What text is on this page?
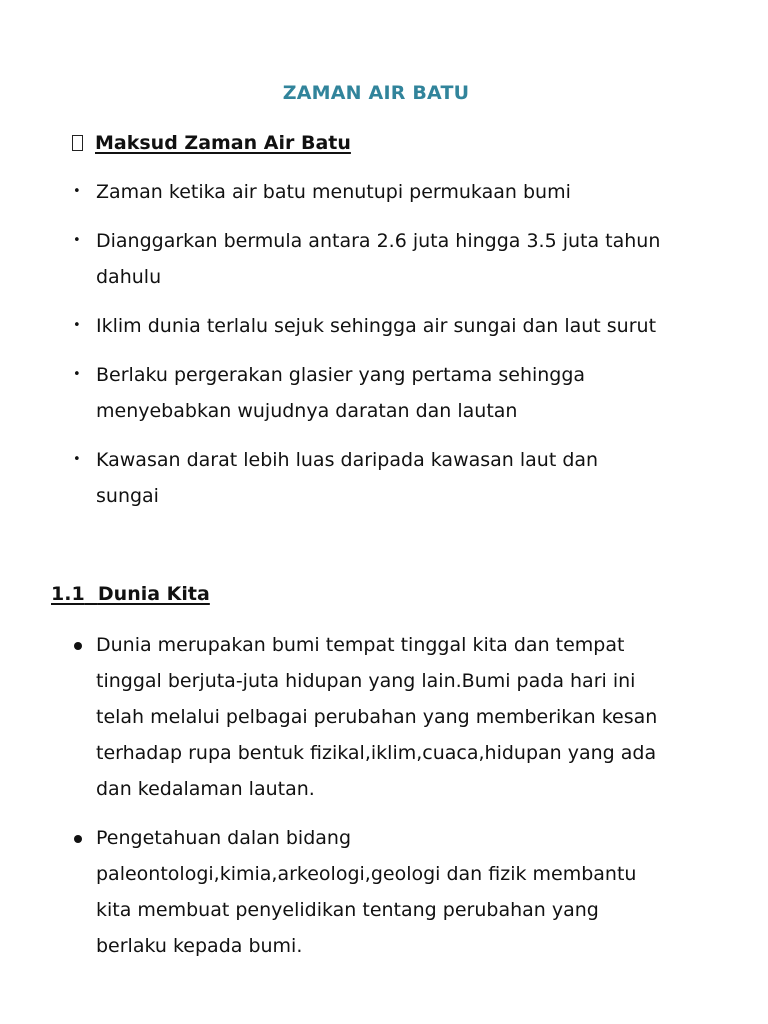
ZAMAN AIR BATU
Maksud Zaman Air Batu
• Zaman ketika air batu menutupi permukaan bumi
• Dianggarkan bermula antara 2.6 juta hingga 3.5 juta tahun
dahulu
• Iklim dunia terlalu sejuk sehingga air sungai dan laut surut
• Berlaku pergerakan glasier yang pertama sehingga
menyebabkan wujudnya daratan dan lautan
• Kawasan darat lebih luas daripada kawasan laut dan
sungai
1.1 Dunia Kita
Dunia merupakan bumi tempat tinggal kita dan tempat
tinggal berjuta-juta hidupan yang lain.Bumi pada hari ini
telah melalui pelbagai perubahan yang memberikan kesan
terhadap rupa bentuk fizikal,iklim,cuaca,hidupan yang ada
dan kedalaman lautan.
Pengetahuan dalan bidang
paleontologi,kimia,arkeologi,geologi dan fizik membantu
kita membuat penyelidikan tentang perubahan yang
berlaku kepada bumi.
